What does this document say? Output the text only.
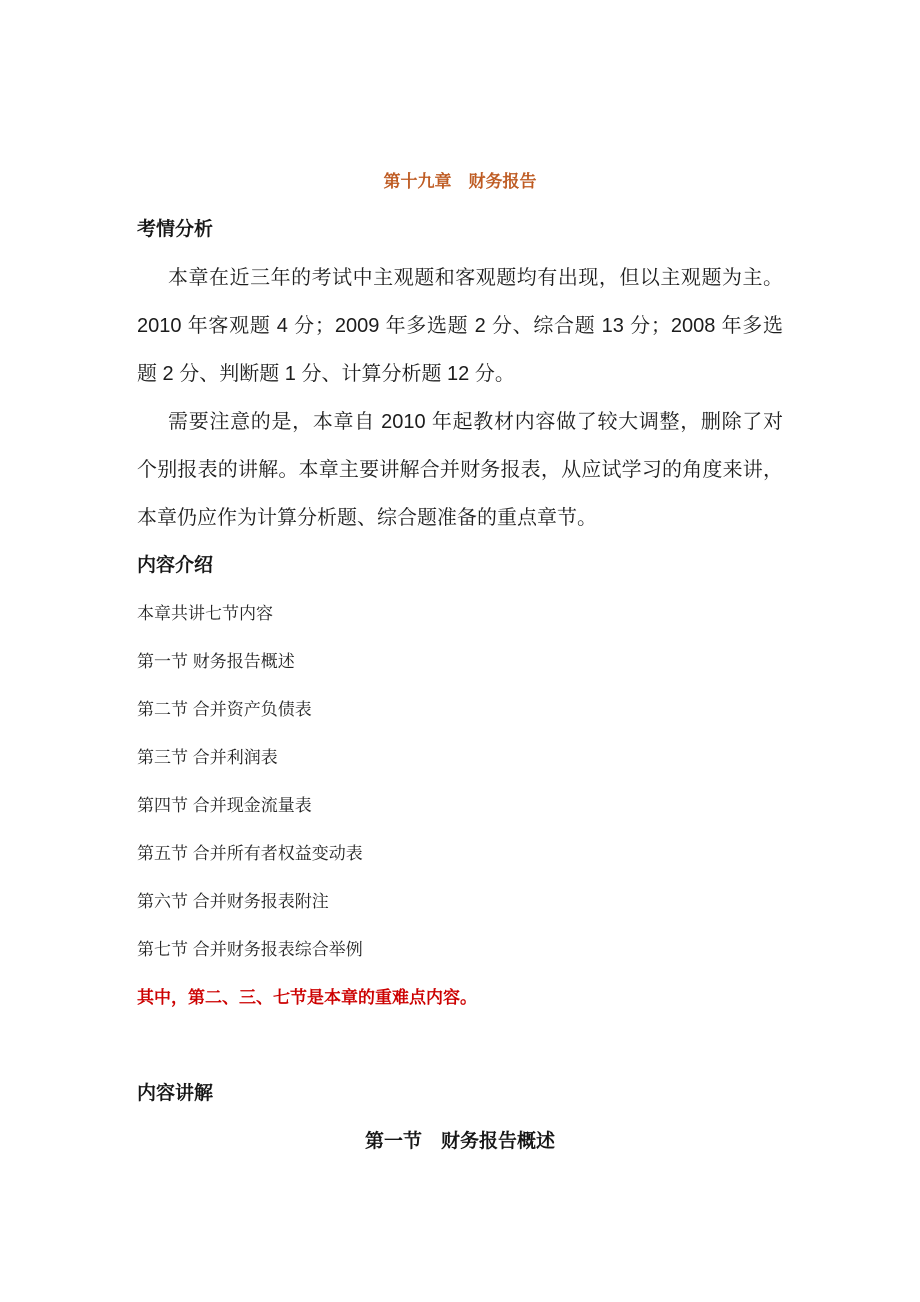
第十九章　财务报告
考情分析

本章在近三年的考试中主观题和客观题均有出现，但以主观题为主。2010 年客观题 4 分；2009 年多选题 2 分、综合题 13 分；2008 年多选题 2 分、判断题 1 分、计算分析题 12 分。

需要注意的是，本章自 2010 年起教材内容做了较大调整，删除了对个别报表的讲解。本章主要讲解合并财务报表，从应试学习的角度来讲，本章仍应作为计算分析题、综合题准备的重点章节。

内容介绍

本章共讲七节内容

第一节 财务报告概述

第二节 合并资产负债表

第三节 合并利润表

第四节 合并现金流量表

第五节 合并所有者权益变动表

第六节 合并财务报表附注

第七节 合并财务报表综合举例

其中，第二、三、七节是本章的重难点内容。

内容讲解
第一节　财务报告概述
